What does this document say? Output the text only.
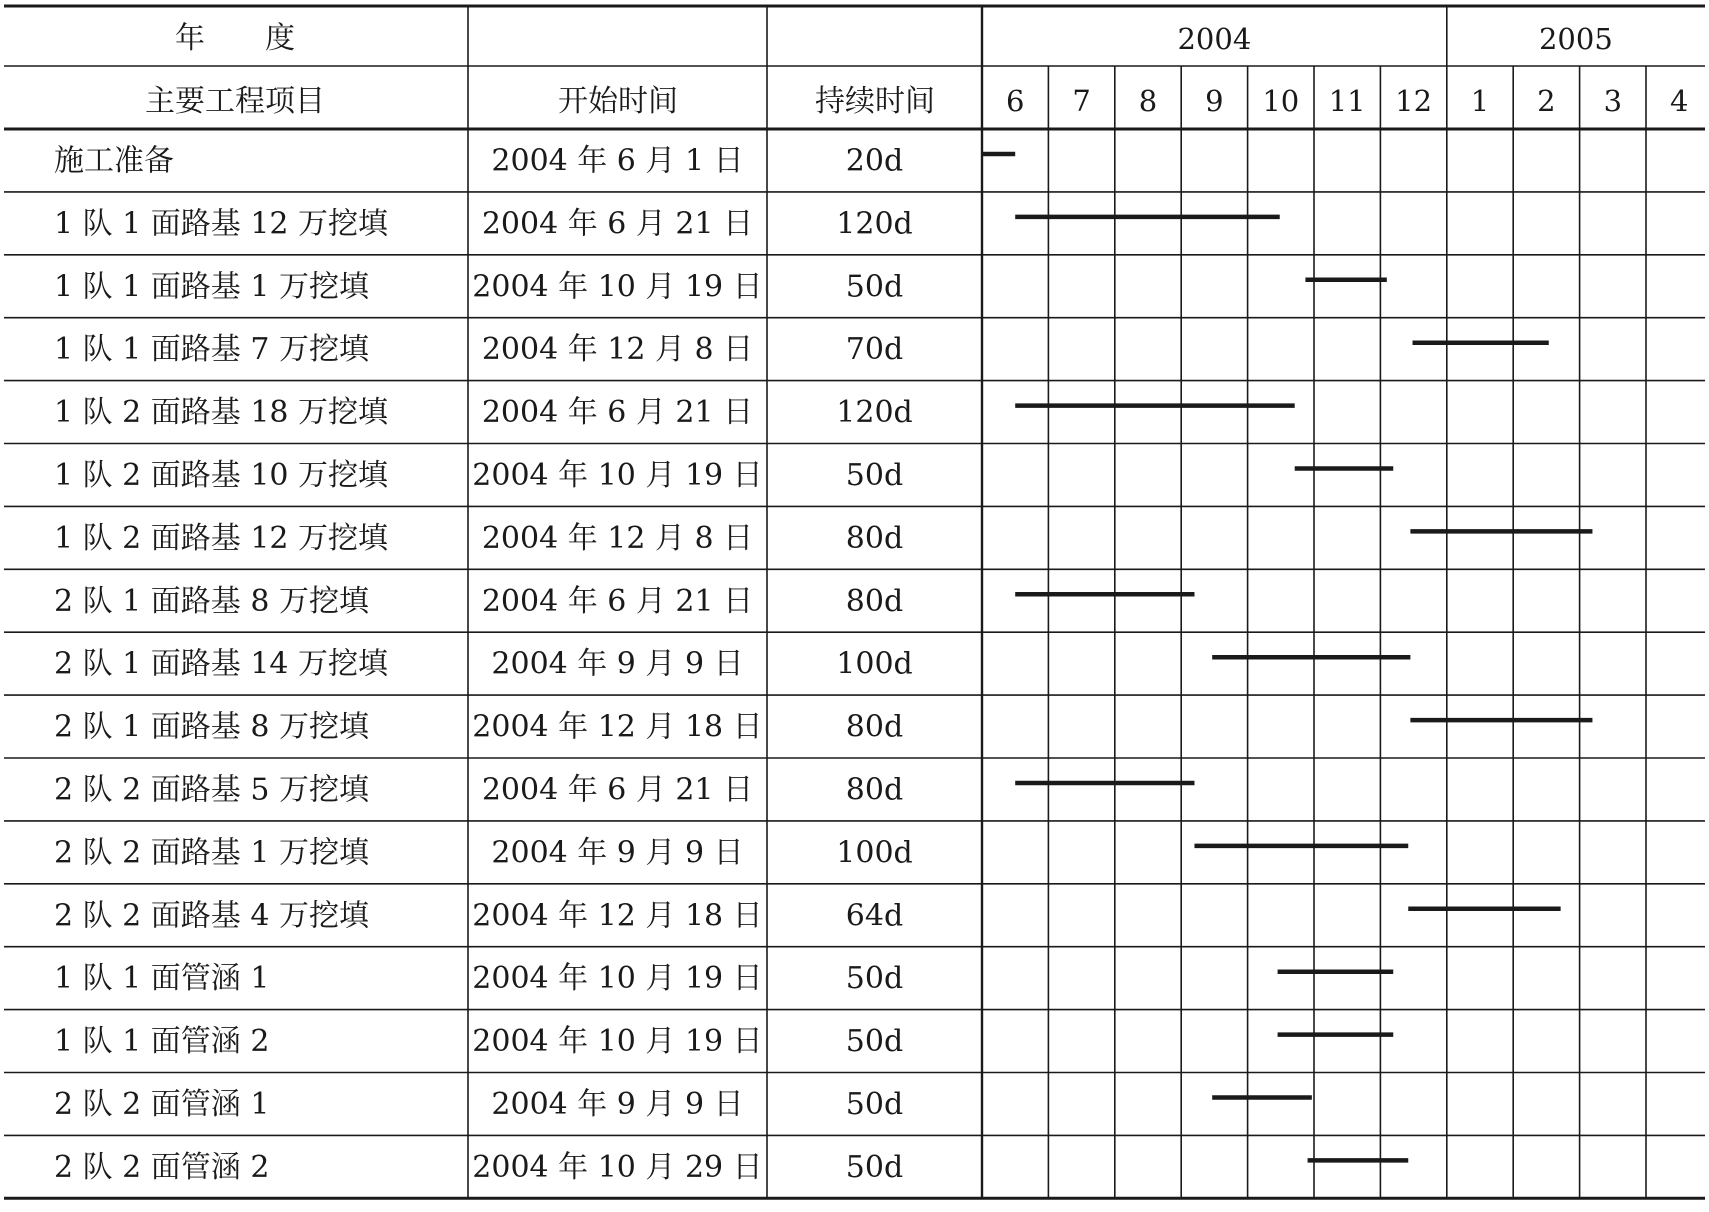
年　　度
主要工程项目	开始时间	持续时间
2004	2005
6 7 8 9 10 11 12 1 2 3 4
施工准备	2004 年 6 月 1 日	20d
1 队 1 面路基 12 万挖填	2004 年 6 月 21 日	120d
1 队 1 面路基 1 万挖填	2004 年 10 月 19 日	50d
1 队 1 面路基 7 万挖填	2004 年 12 月 8 日	70d
1 队 2 面路基 18 万挖填	2004 年 6 月 21 日	120d
1 队 2 面路基 10 万挖填	2004 年 10 月 19 日	50d
1 队 2 面路基 12 万挖填	2004 年 12 月 8 日	80d
2 队 1 面路基 8 万挖填	2004 年 6 月 21 日	80d
2 队 1 面路基 14 万挖填	2004 年 9 月 9 日	100d
2 队 1 面路基 8 万挖填	2004 年 12 月 18 日	80d
2 队 2 面路基 5 万挖填	2004 年 6 月 21 日	80d
2 队 2 面路基 1 万挖填	2004 年 9 月 9 日	100d
2 队 2 面路基 4 万挖填	2004 年 12 月 18 日	64d
1 队 1 面管涵 1	2004 年 10 月 19 日	50d
1 队 1 面管涵 2	2004 年 10 月 19 日	50d
2 队 2 面管涵 1	2004 年 9 月 9 日	50d
2 队 2 面管涵 2	2004 年 10 月 29 日	50d
